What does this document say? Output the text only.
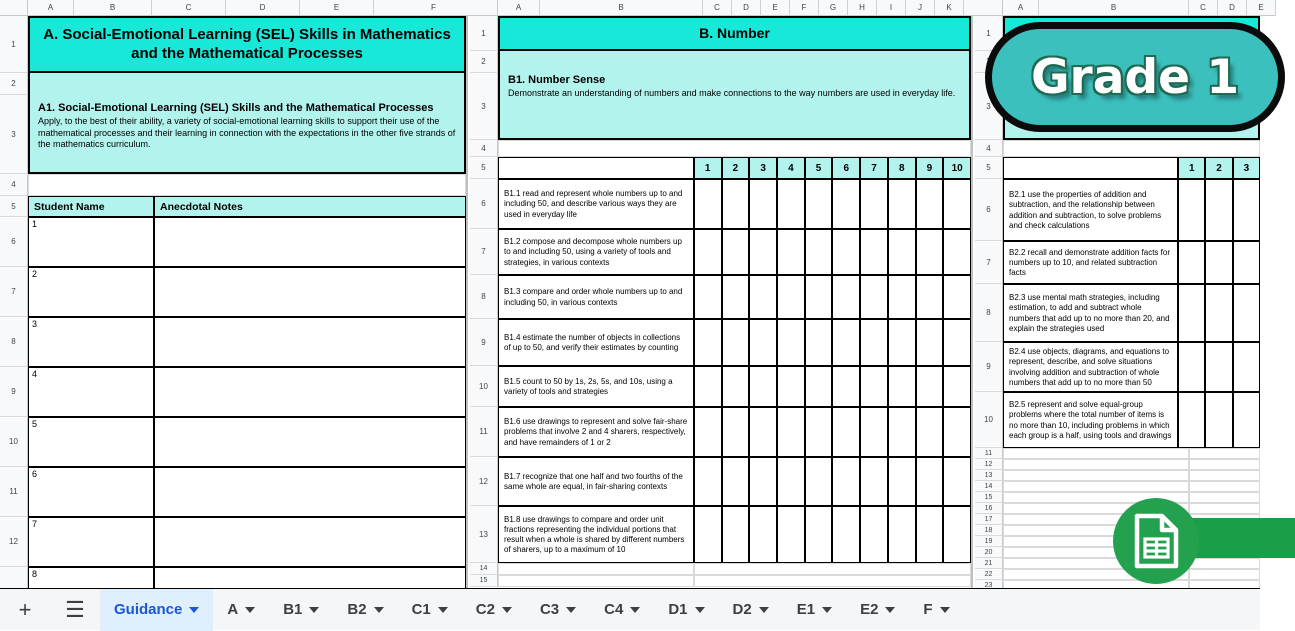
A	B	C	D	E	F
1
A. Social-Emotional Learning (SEL) Skills in Mathematics and the Mathematical Processes
2
3
A1. Social-Emotional Learning (SEL) Skills and the Mathematical Processes
Apply, to the best of their ability, a variety of social-emotional learning skills to support their use of the mathematical processes and their learning in connection with the expectations in the other five strands of the mathematics curriculum.
4
5	Student Name	Anecdotal Notes
6
1
7
2
8
3
9
4
10
5
11
6
12
7
8
A	B	C	D	E	F	G	H	I	J	K
1	B. Number
2
3
B1. Number Sense
Demonstrate an understanding of numbers and make connections to the way numbers are used in everyday life.
4
5	1	2	3	4	5	6	7	8	9	10
6
B1.1 read and represent whole numbers up to and including 50, and describe various ways they are used in everyday life
7
B1.2 compose and decompose whole numbers up to and including 50, using a variety of tools and strategies, in various contexts
8
B1.3 compare and order whole numbers up to and including 50, in various contexts
9
B1.4 estimate the number of objects in collections of up to 50, and verify their estimates by counting
10
B1.5 count to 50 by 1s, 2s, 5s, and 10s, using a variety of tools and strategies
11
B1.6 use drawings to represent and solve fair-share problems that involve 2 and 4 sharers, respectively, and have remainders of 1 or 2
12
B1.7 recognize that one half and two fourths of the same whole are equal, in fair-sharing contexts
13
B1.8 use drawings to compare and order unit fractions representing the individual portions that result when a whole is shared by different numbers of sharers, up to a maximum of 10
14
15
A	B	C	D	E
1
3
4
5	1	2	3
6
B2.1 use the properties of addition and subtraction, and the relationship between addition and subtraction, to solve problems and check calculations
7
B2.2 recall and demonstrate addition facts for numbers up to 10, and related subtraction facts
8
B2.3 use mental math strategies, including estimation, to add and subtract whole numbers that add up to no more than 20, and explain the strategies used
9
B2.4 use objects, diagrams, and equations to represent, describe, and solve situations involving addition and subtraction of whole numbers that add up to no more than 50
10
B2.5 represent and solve equal-group problems where the total number of items is no more than 10, including problems in which each group is a half, using tools and drawings
11
12
13
14
15
16
17
18
19
20
21
22
23
Grade 1
+	☰	Guidance	A	B1	B2	C1	C2	C3	C4	D1	D2	E1	E2	F
